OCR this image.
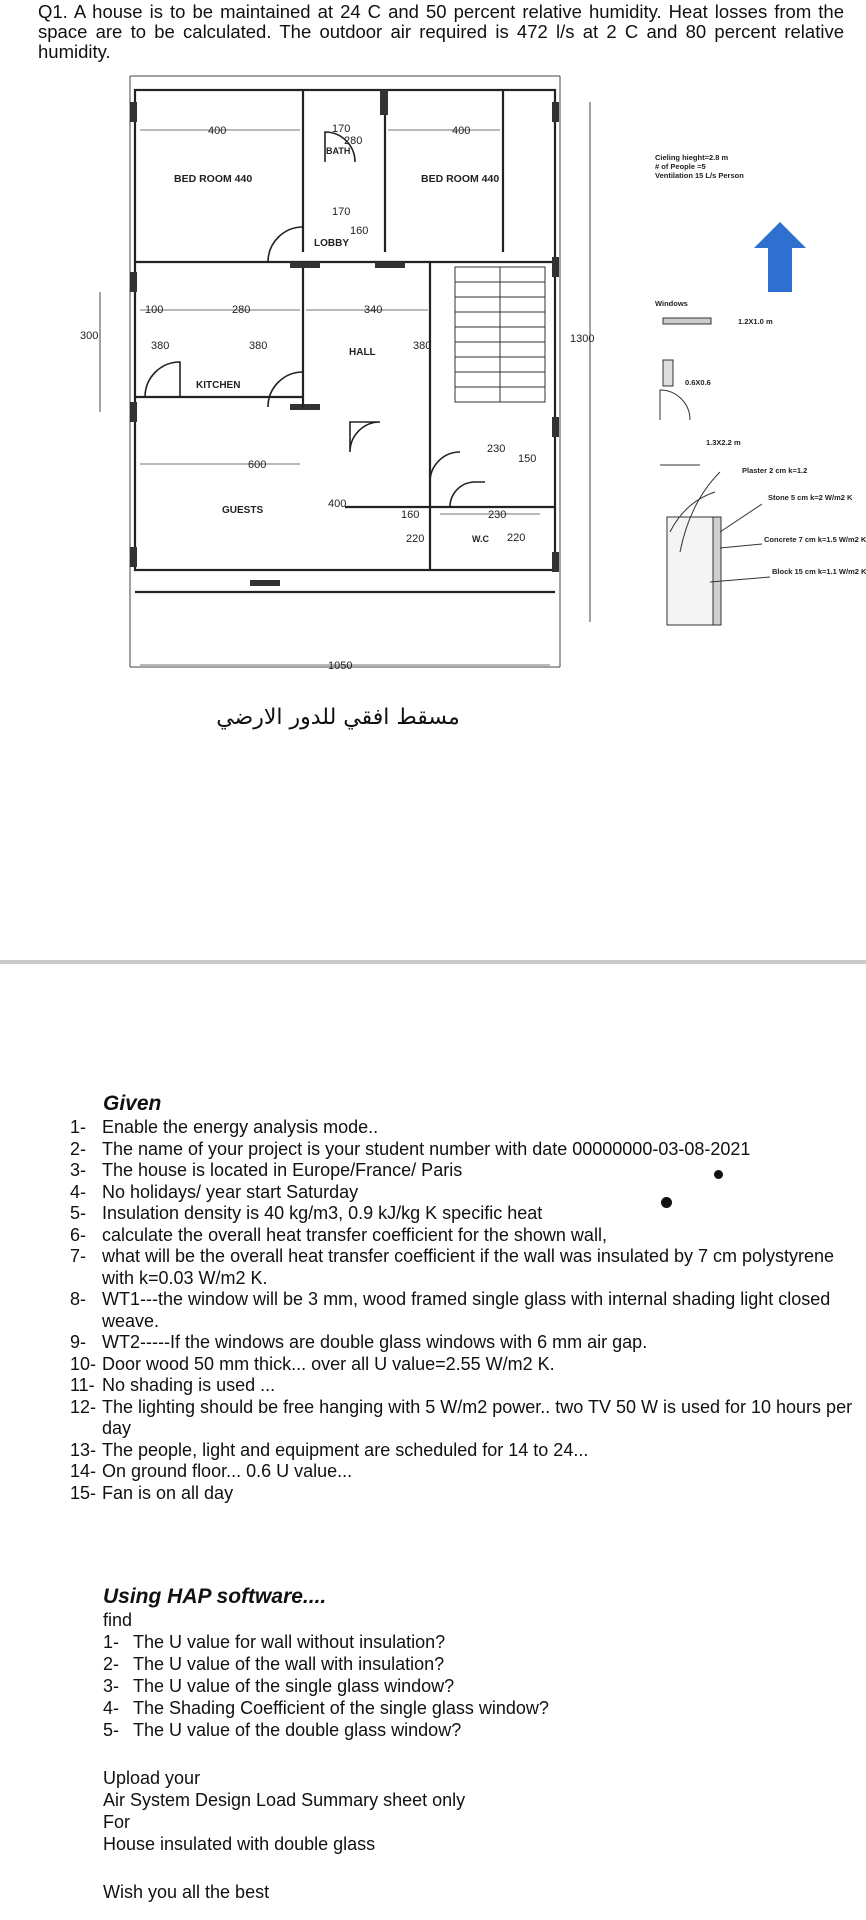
Q1. A house is to be maintained at 24 C and 50 percent relative humidity. Heat losses from the space are to be calculated. The outdoor air required is 472 l/s at 2 C and 80 percent relative humidity.

400	400
170
280
170
160
300
100	280	340
380	380	380
1300
230
150
600
400
160	230
220	220
1050
BED ROOM 440	BED ROOM 440
BATH
LOBBY
KITCHEN
HALL
GUESTS
W.C
مسقط افقي للدور الارضي
Cieling hieght=2.8 m
# of People =5
Ventilation 15 L/s Person
Windows
1.2X1.0 m
0.6X0.6
1.3X2.2 m
Plaster 2 cm k=1.2
Stone 5 cm k=2 W/m2 K
Concrete 7 cm k=1.5 W/m2 K
Block 15 cm k=1.1 W/m2 K
Given
1- Enable the energy analysis mode..
2- The name of your project is your student number with date 00000000-03-08-2021
3- The house is located in Europe/France/ Paris
4- No holidays/ year start Saturday
5- Insulation density is 40 kg/m3, 0.9 kJ/kg K specific heat
6- calculate the overall heat transfer coefficient for the shown wall,
7- what will be the overall heat transfer coefficient if the wall was insulated by 7 cm polystyrene with k=0.03 W/m2 K.
8- WT1---the window will be 3 mm, wood framed single glass with internal shading light closed weave.
9- WT2-----If the windows are double glass windows with 6 mm air gap.
10- Door wood 50 mm thick... over all U value=2.55 W/m2 K.
11- No shading is used ...
12- The lighting should be free hanging with 5 W/m2 power.. two TV 50 W is used for 10 hours per day
13- The people, light and equipment are scheduled for 14 to 24...
14- On ground floor... 0.6 U value...
15- Fan is on all day
Using HAP software....
find
1- The U value for wall without insulation?
2- The U value of the wall with insulation?
3- The U value of the single glass window?
4- The Shading Coefficient of the single glass window?
5- The U value of the double glass window?
Upload your
Air System Design Load Summary sheet only
For
House insulated with double glass
Wish you all the best
